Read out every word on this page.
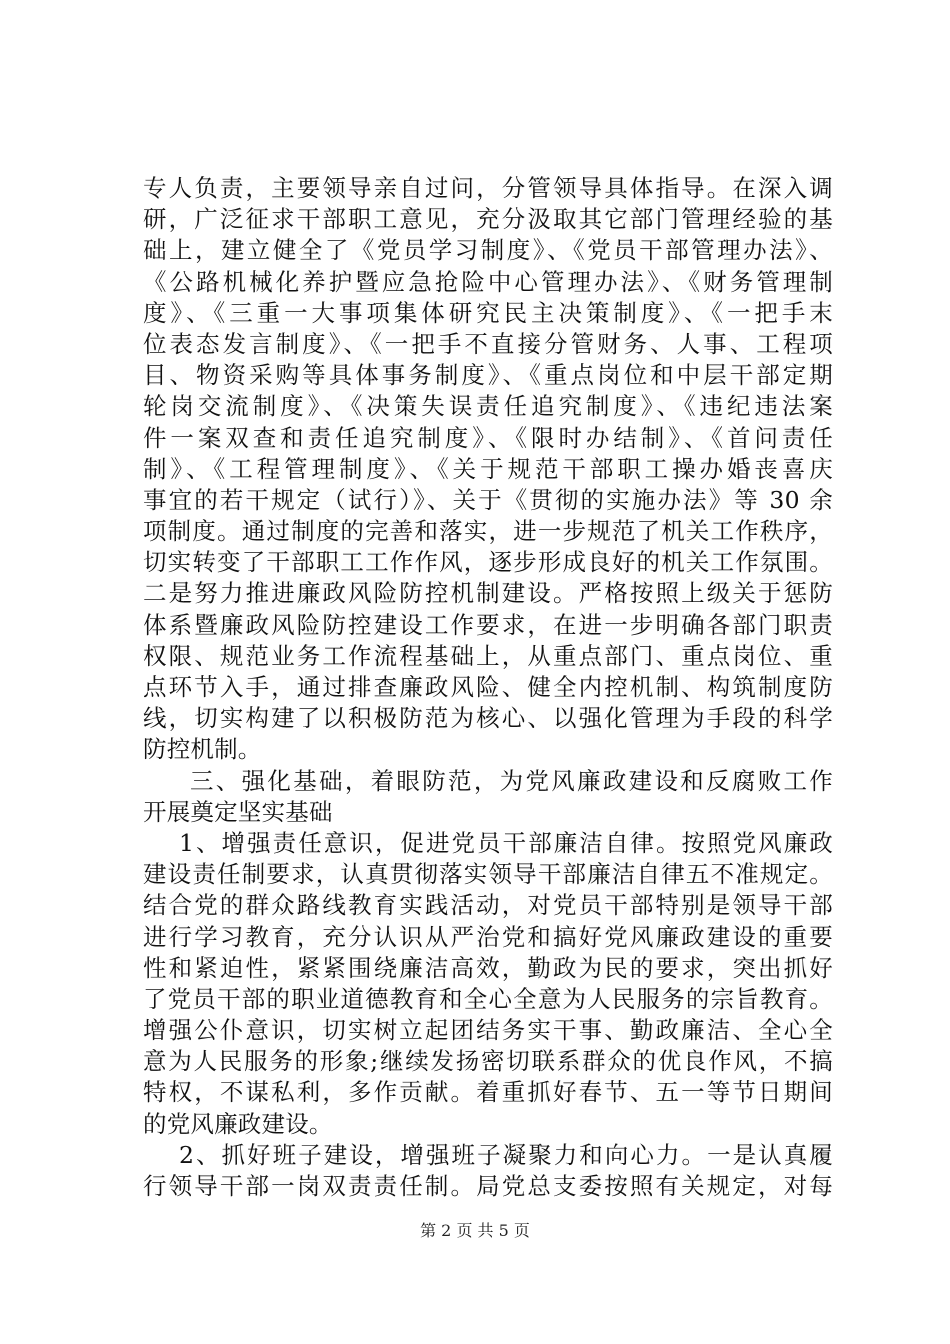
专人负责，主要领导亲自过问，分管领导具体指导。在深入调
研，广泛征求干部职工意见，充分汲取其它部门管理经验的基
础上，建立健全了《党员学习制度》、《党员干部管理办法》、
《公路机械化养护暨应急抢险中心管理办法》、《财务管理制
度》、《三重一大事项集体研究民主决策制度》、《一把手末
位表态发言制度》、《一把手不直接分管财务、人事、工程项
目、物资采购等具体事务制度》、《重点岗位和中层干部定期
轮岗交流制度》、《决策失误责任追究制度》、《违纪违法案
件一案双查和责任追究制度》、《限时办结制》、《首问责任
制》、《工程管理制度》、《关于规范干部职工操办婚丧喜庆
事宜的若干规定（试行）》、关于《贯彻的实施办法》等 30 余
项制度。通过制度的完善和落实，进一步规范了机关工作秩序，
切实转变了干部职工工作作风，逐步形成良好的机关工作氛围。
二是努力推进廉政风险防控机制建设。严格按照上级关于惩防
体系暨廉政风险防控建设工作要求，在进一步明确各部门职责
权限、规范业务工作流程基础上，从重点部门、重点岗位、重
点环节入手，通过排查廉政风险、健全内控机制、构筑制度防
线，切实构建了以积极防范为核心、以强化管理为手段的科学
防控机制。
三、强化基础，着眼防范，为党风廉政建设和反腐败工作
开展奠定坚实基础
1、增强责任意识，促进党员干部廉洁自律。按照党风廉政
建设责任制要求，认真贯彻落实领导干部廉洁自律五不准规定。
结合党的群众路线教育实践活动，对党员干部特别是领导干部
进行学习教育，充分认识从严治党和搞好党风廉政建设的重要
性和紧迫性，紧紧围绕廉洁高效，勤政为民的要求，突出抓好
了党员干部的职业道德教育和全心全意为人民服务的宗旨教育。
增强公仆意识，切实树立起团结务实干事、勤政廉洁、全心全
意为人民服务的形象;继续发扬密切联系群众的优良作风，不搞
特权，不谋私利，多作贡献。着重抓好春节、五一等节日期间
的党风廉政建设。
2、抓好班子建设，增强班子凝聚力和向心力。一是认真履
行领导干部一岗双责责任制。局党总支委按照有关规定，对每
第 2 页 共 5 页
